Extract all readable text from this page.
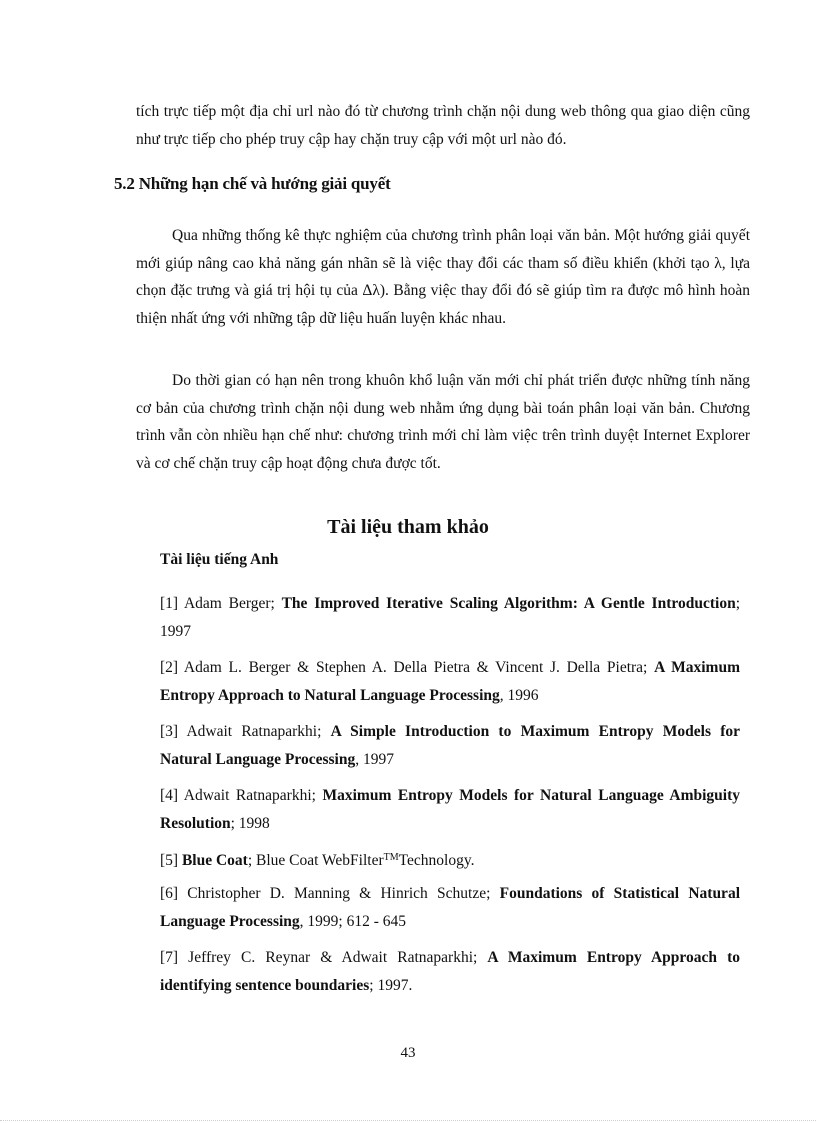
tích trực tiếp một địa chỉ url nào đó từ chương trình chặn nội dung web thông qua giao diện cũng như trực tiếp cho phép truy cập hay chặn truy cập với một url nào đó.

5.2 Những hạn chế và hướng giải quyết

Qua những thống kê thực nghiệm của chương trình phân loại văn bản. Một hướng giải quyết mới giúp nâng cao khả năng gán nhãn sẽ là việc thay đổi các tham số điều khiển (khởi tạo λ, lựa chọn đặc trưng và giá trị hội tụ của Δλ). Bằng việc thay đổi đó sẽ giúp tìm ra được mô hình hoàn thiện nhất ứng với những tập dữ liệu huấn luyện khác nhau.

Do thời gian có hạn nên trong khuôn khổ luận văn mới chỉ phát triển được những tính năng cơ bản của chương trình chặn nội dung web nhằm ứng dụng bài toán phân loại văn bản. Chương trình vẫn còn nhiều hạn chế như: chương trình mới chỉ làm việc trên trình duyệt Internet Explorer và cơ chế chặn truy cập hoạt động chưa được tốt.

Tài liệu tham khảo

Tài liệu tiếng Anh

[1] Adam Berger; The Improved Iterative Scaling Algorithm: A Gentle Introduction; 1997

[2] Adam L. Berger & Stephen A. Della Pietra & Vincent J. Della Pietra; A Maximum Entropy Approach to Natural Language Processing, 1996

[3] Adwait Ratnaparkhi; A Simple Introduction to Maximum Entropy Models for Natural Language Processing, 1997

[4] Adwait Ratnaparkhi; Maximum Entropy Models for Natural Language Ambiguity Resolution; 1998

[5] Blue Coat; Blue Coat WebFilter™Technology.

[6] Christopher D. Manning & Hinrich Schutze; Foundations of Statistical Natural Language Processing, 1999; 612 - 645

[7] Jeffrey C. Reynar & Adwait Ratnaparkhi; A Maximum Entropy Approach to identifying sentence boundaries; 1997.

43
